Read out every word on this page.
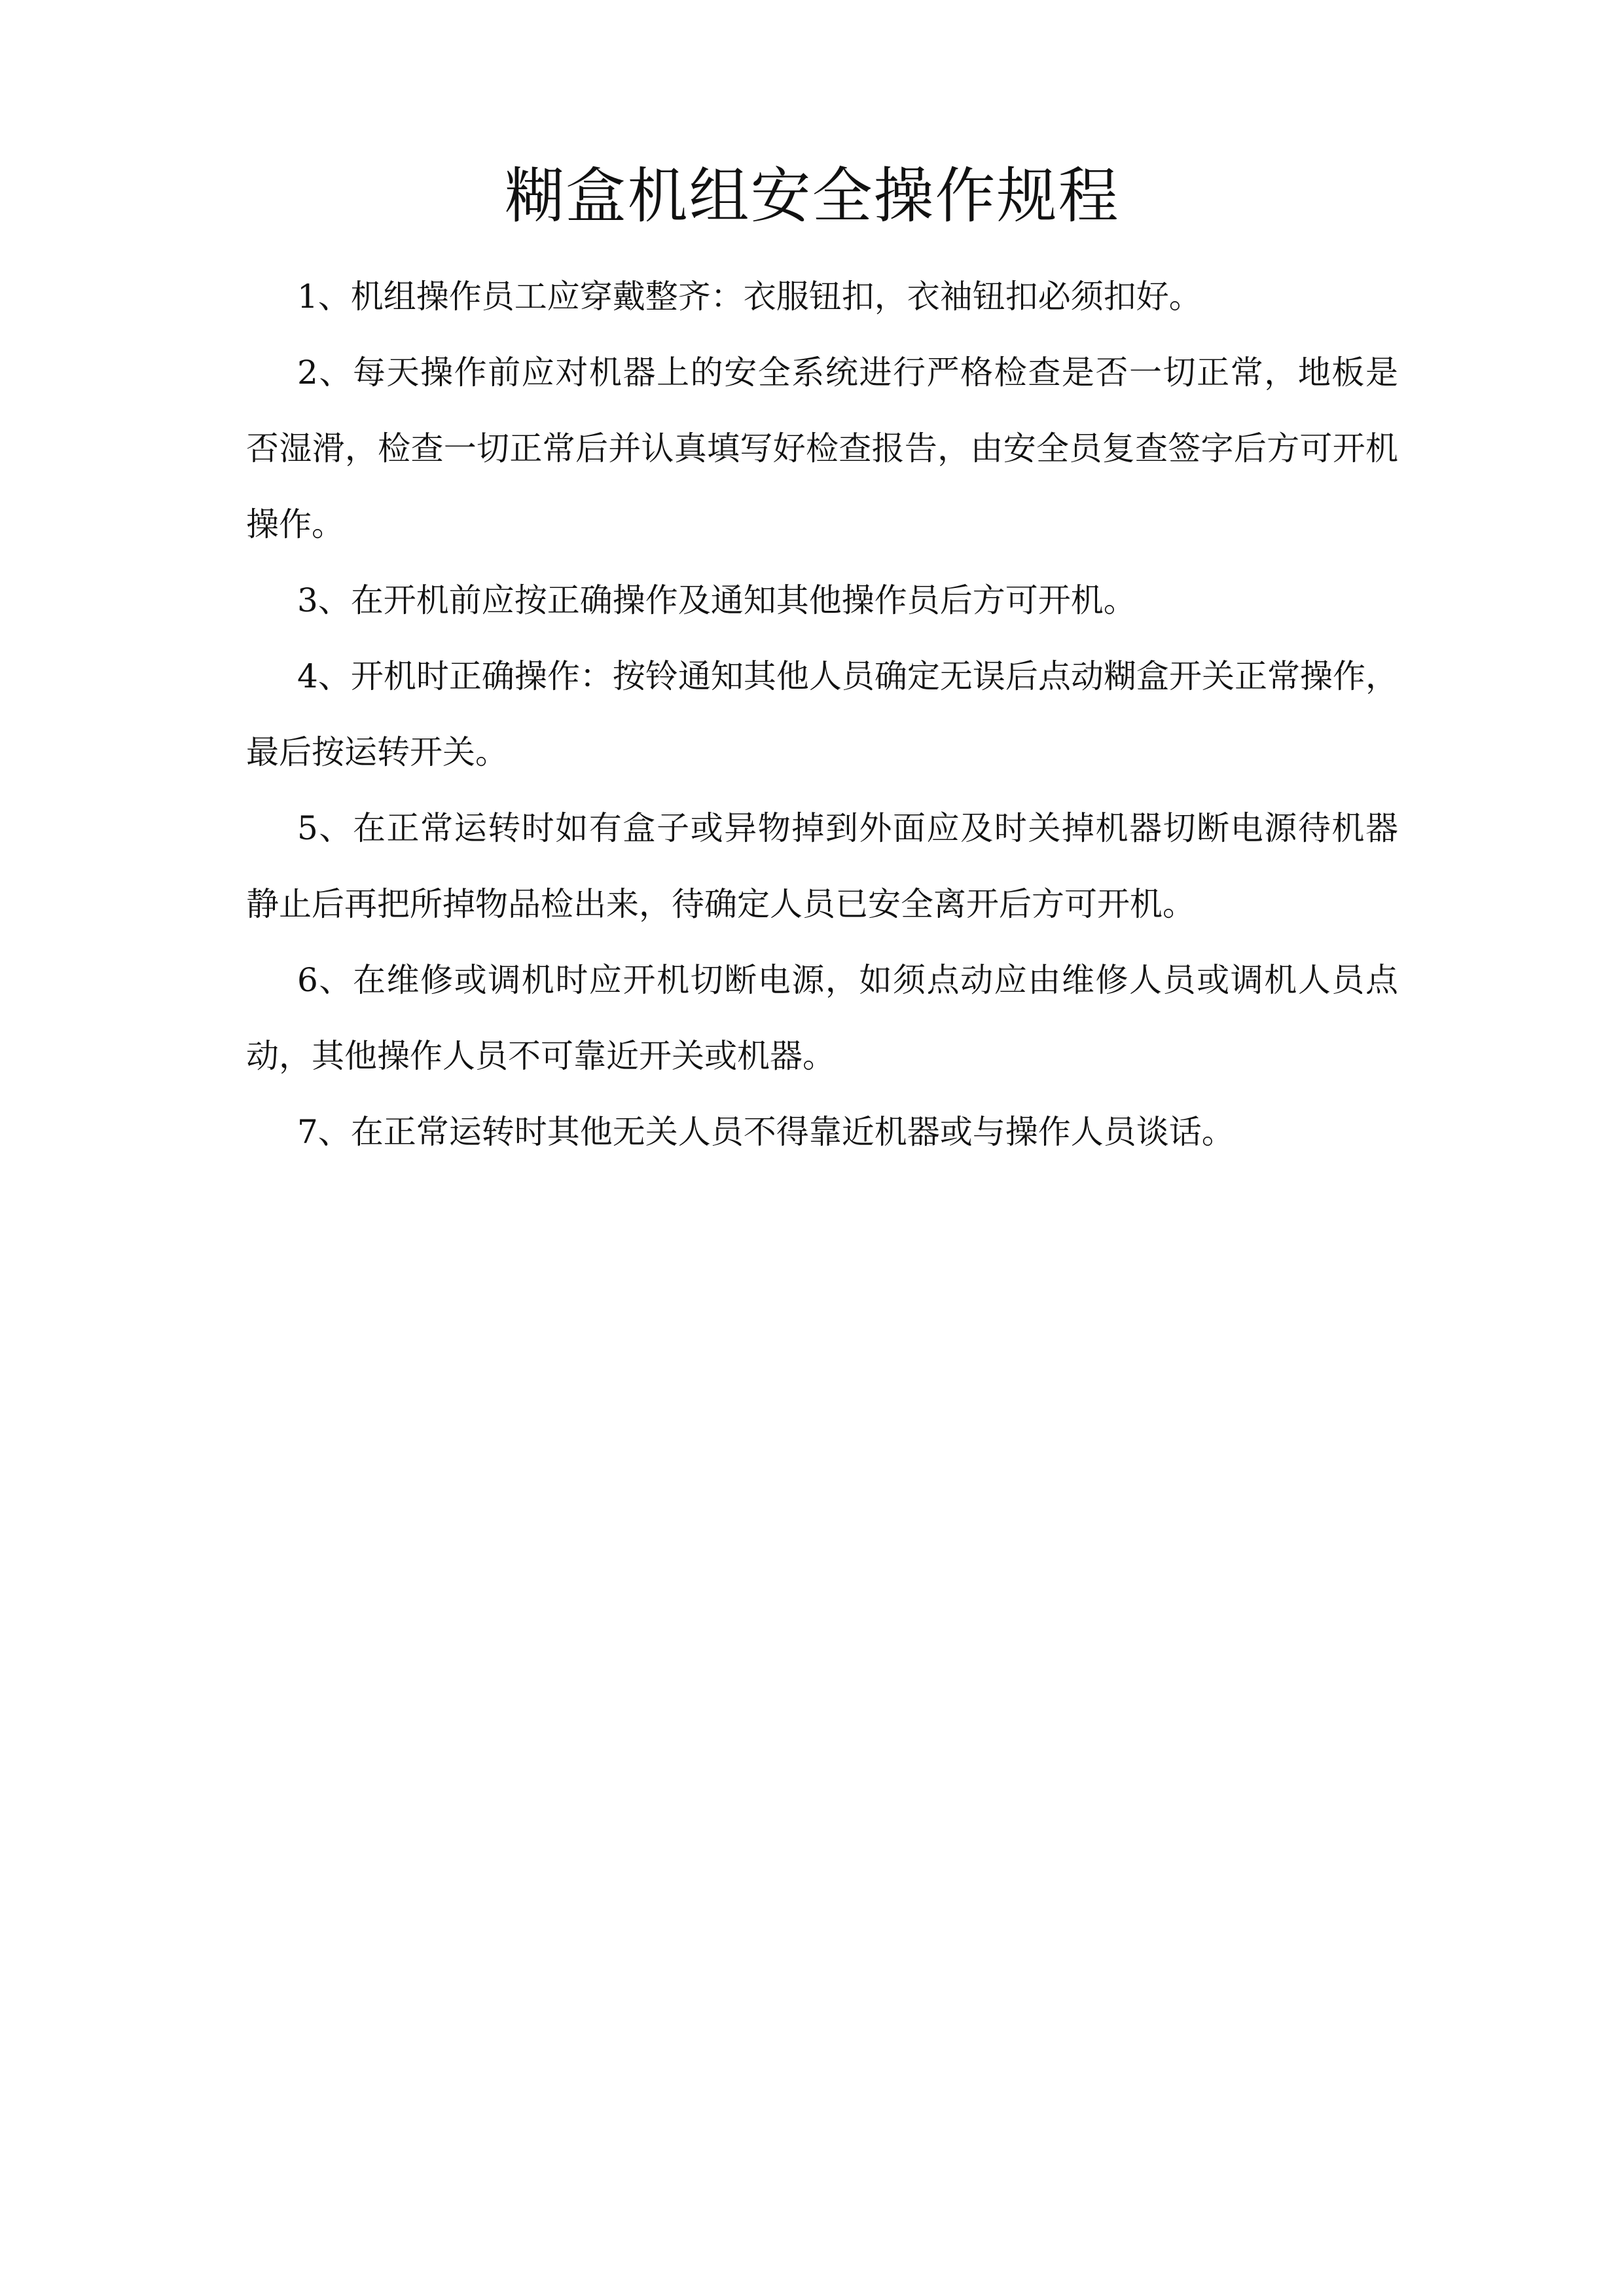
糊盒机组安全操作规程

1、机组操作员工应穿戴整齐：衣服钮扣，衣袖钮扣必须扣好。

2、每天操作前应对机器上的安全系统进行严格检查是否一切正常，地板是 否湿滑，检查一切正常后并认真填写好检查报告，由安全员复查签字后方可开机 操作。

3、在开机前应按正确操作及通知其他操作员后方可开机。

4、开机时正确操作：按铃通知其他人员确定无误后点动糊盒开关正常操作， 最后按运转开关。

5、在正常运转时如有盒子或异物掉到外面应及时关掉机器切断电源待机器 静止后再把所掉物品检出来，待确定人员已安全离开后方可开机。

6、在维修或调机时应开机切断电源，如须点动应由维修人员或调机人员点 动，其他操作人员不可靠近开关或机器。

7、在正常运转时其他无关人员不得靠近机器或与操作人员谈话。
